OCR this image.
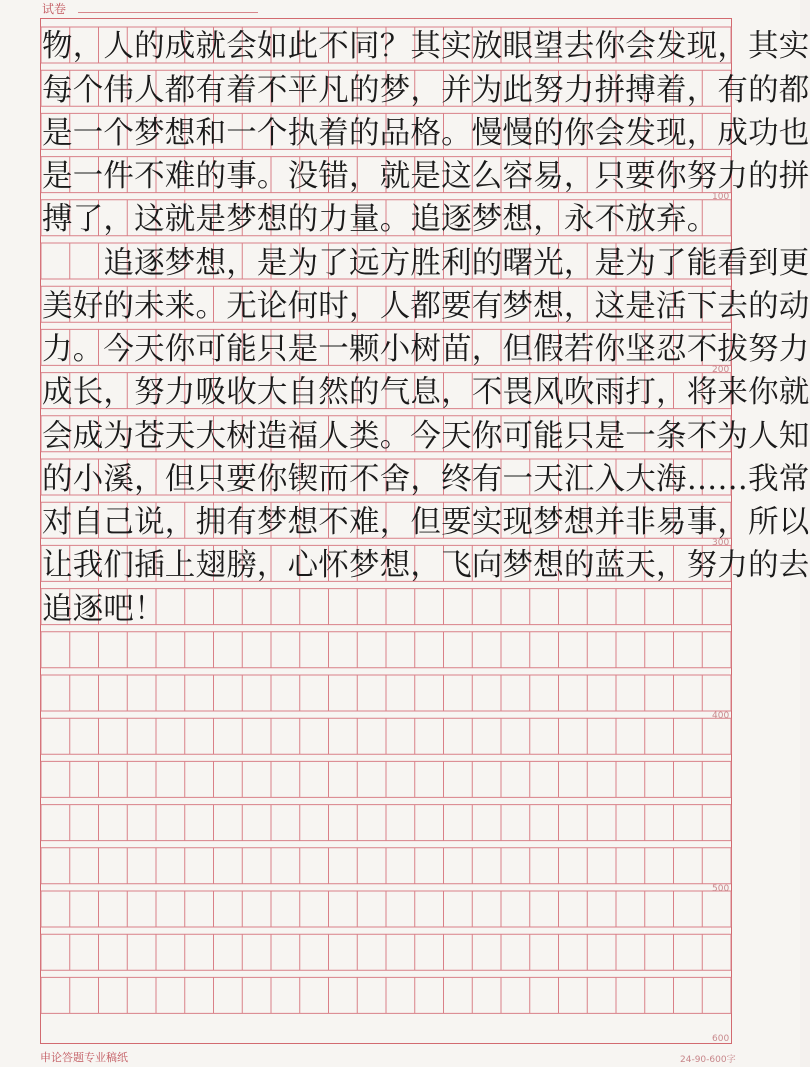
试卷
100
200
300
400
500
600
物，人的成就会如此不同？其实放眼望去你会发现，其实
每个伟人都有着不平凡的梦，并为此努力拼搏着，有的都
是一个梦想和一个执着的品格。慢慢的你会发现，成功也
是一件不难的事。没错，就是这么容易，只要你努力的拼
搏了，这就是梦想的力量。追逐梦想，永不放弃。
　　追逐梦想，是为了远方胜利的曙光，是为了能看到更
美好的未来。无论何时，人都要有梦想，这是活下去的动
力。今天你可能只是一颗小树苗，但假若你坚忍不拔努力
成长，努力吸收大自然的气息，不畏风吹雨打，将来你就
会成为苍天大树造福人类。今天你可能只是一条不为人知
的小溪，但只要你锲而不舍，终有一天汇入大海……我常
对自己说，拥有梦想不难，但要实现梦想并非易事，所以
让我们插上翅膀，心怀梦想，飞向梦想的蓝天，努力的去
追逐吧！
申论答题专业稿纸	24-90-600字
